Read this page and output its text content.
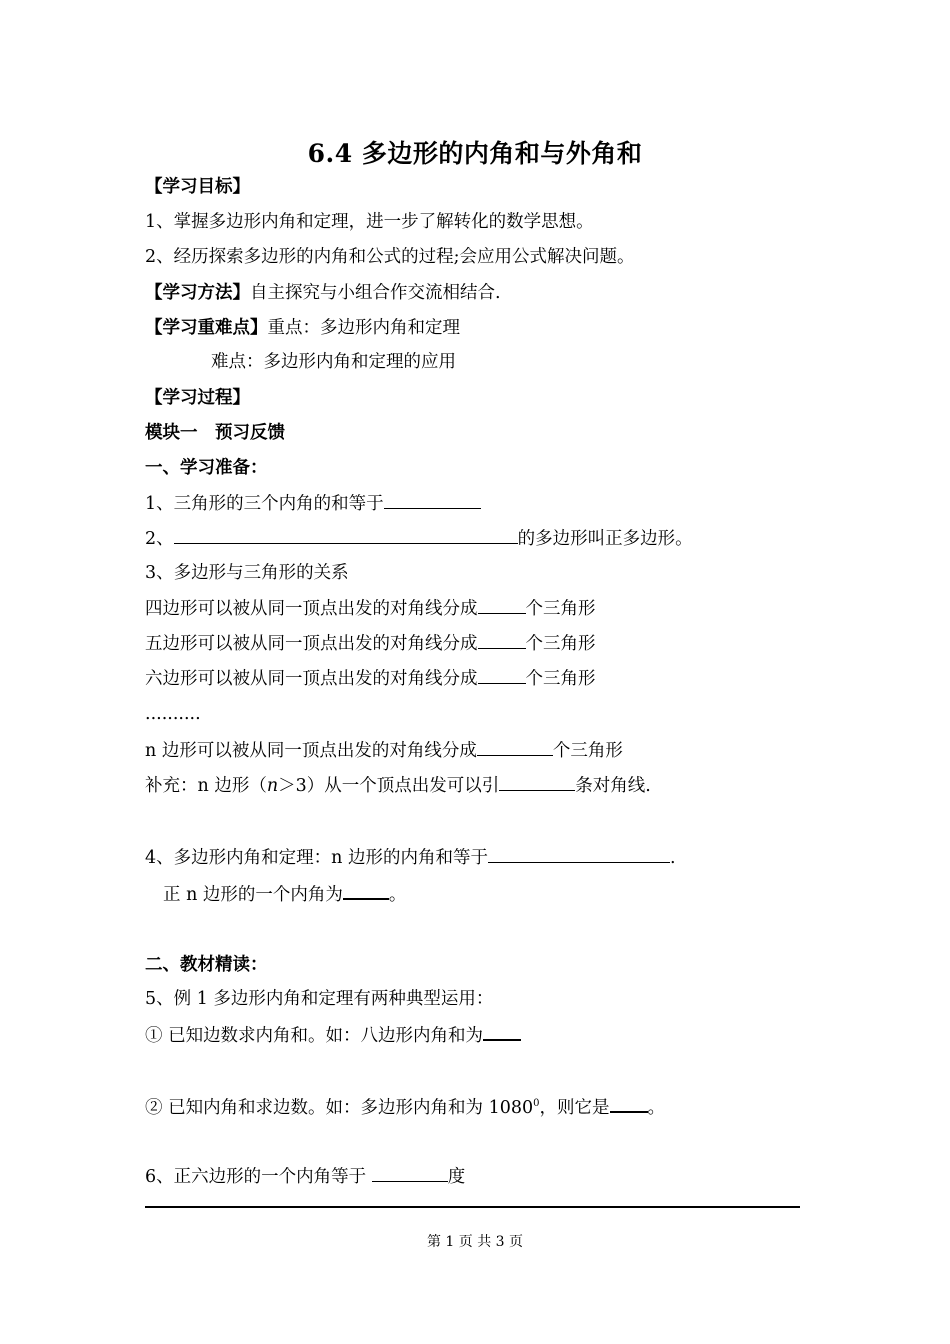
6.4 多边形的内角和与外角和
【学习目标】
1、掌握多边形内角和定理，进一步了解转化的数学思想。
2、经历探索多边形的内角和公式的过程;会应用公式解决问题。
【学习方法】自主探究与小组合作交流相结合.
【学习重难点】重点：多边形内角和定理
难点：多边形内角和定理的应用
【学习过程】
模块一　预习反馈
一、学习准备：
1、三角形的三个内角的和等于
2、	的多边形叫正多边形。
3、多边形与三角形的关系
四边形可以被从同一顶点出发的对角线分成	个三角形
五边形可以被从同一顶点出发的对角线分成	个三角形
六边形可以被从同一顶点出发的对角线分成	个三角形
..........
n 边形可以被从同一顶点出发的对角线分成	个三角形
补充：n 边形（n＞3）从一个顶点出发可以引	条对角线.
4、多边形内角和定理：n 边形的内角和等于	.
正 n 边形的一个内角为	。
二、教材精读：
5、例 1 多边形内角和定理有两种典型运用：
① 已知边数求内角和。如：八边形内角和为
② 已知内角和求边数。如：多边形内角和为 1080$^0$，则它是 。
6、正六边形的一个内角等于	度
第 1 页 共 3 页
